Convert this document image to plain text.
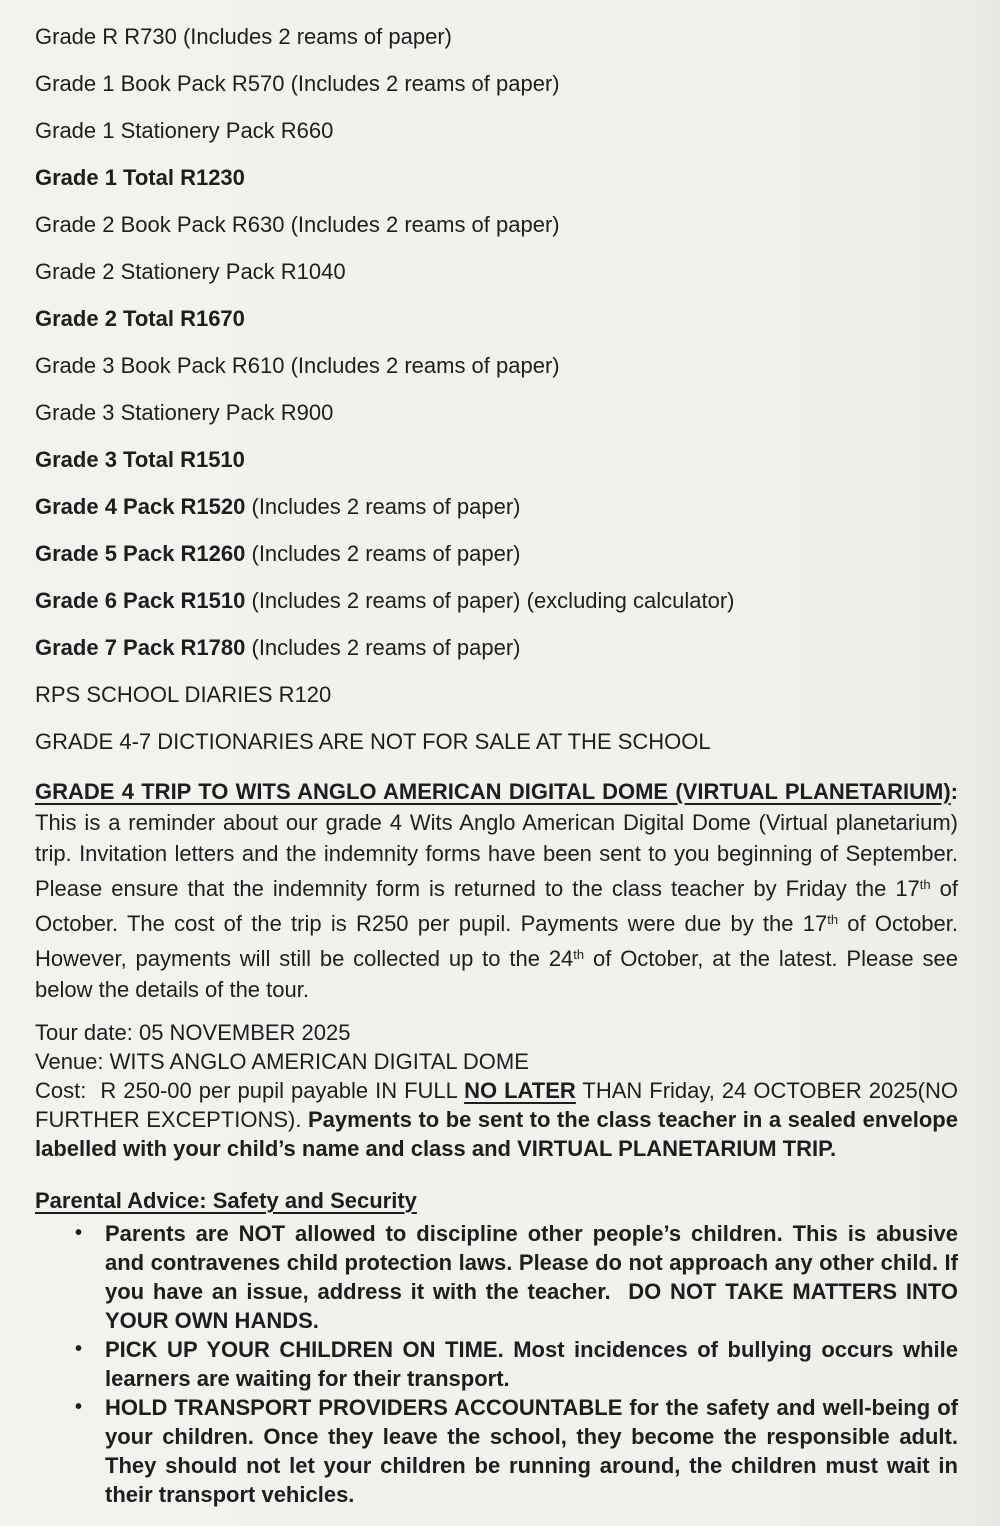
Grade R R730 (Includes 2 reams of paper)
Grade 1 Book Pack R570 (Includes 2 reams of paper)
Grade 1 Stationery Pack R660
Grade 1 Total R1230
Grade 2 Book Pack R630 (Includes 2 reams of paper)
Grade 2 Stationery Pack R1040
Grade 2 Total R1670
Grade 3 Book Pack R610 (Includes 2 reams of paper)
Grade 3 Stationery Pack R900
Grade 3 Total R1510
Grade 4 Pack R1520 (Includes 2 reams of paper)
Grade 5 Pack R1260 (Includes 2 reams of paper)
Grade 6 Pack R1510 (Includes 2 reams of paper) (excluding calculator)
Grade 7 Pack R1780 (Includes 2 reams of paper)
RPS SCHOOL DIARIES R120
GRADE 4-7 DICTIONARIES ARE NOT FOR SALE AT THE SCHOOL

GRADE 4 TRIP TO WITS ANGLO AMERICAN DIGITAL DOME (VIRTUAL PLANETARIUM): This is a reminder about our grade 4 Wits Anglo American Digital Dome (Virtual planetarium) trip. Invitation letters and the indemnity forms have been sent to you beginning of September. Please ensure that the indemnity form is returned to the class teacher by Friday the 17th of October. The cost of the trip is R250 per pupil. Payments were due by the 17th of October. However, payments will still be collected up to the 24th of October, at the latest. Please see below the details of the tour.

Tour date: 05 NOVEMBER 2025
Venue: WITS ANGLO AMERICAN DIGITAL DOME

Cost:  R 250-00 per pupil payable IN FULL NO LATER THAN Friday, 24 OCTOBER 2025(NO FURTHER EXCEPTIONS). Payments to be sent to the class teacher in a sealed envelope labelled with your child’s name and class and VIRTUAL PLANETARIUM TRIP.

Parental Advice: Safety and Security
•	Parents are NOT allowed to discipline other people’s children. This is abusive and contravenes child protection laws. Please do not approach any other child. If you have an issue, address it with the teacher.  DO NOT TAKE MATTERS INTO YOUR OWN HANDS.
•	PICK UP YOUR CHILDREN ON TIME. Most incidences of bullying occurs while learners are waiting for their transport.
•	HOLD TRANSPORT PROVIDERS ACCOUNTABLE for the safety and well-being of your children. Once they leave the school, they become the responsible adult. They should not let your children be running around, the children must wait in their transport vehicles.
